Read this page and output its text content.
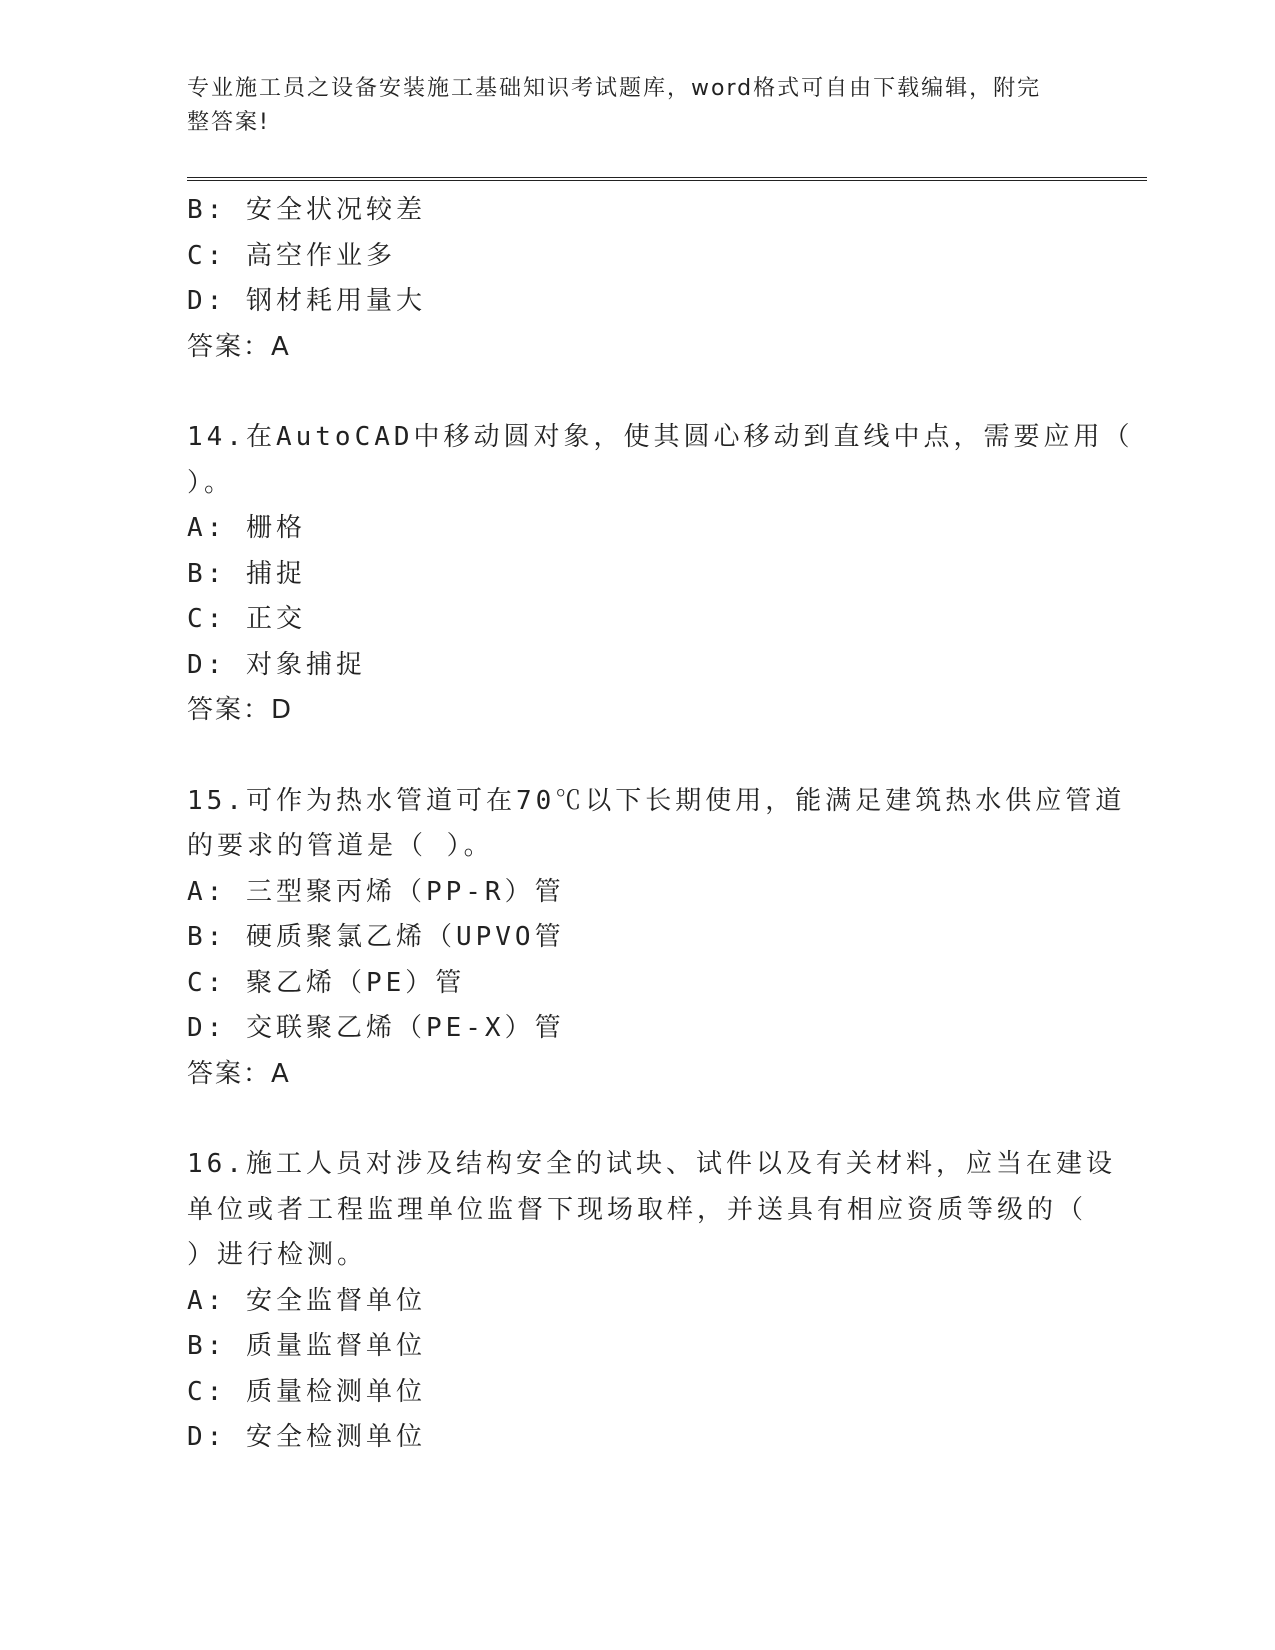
专业施工员之设备安装施工基础知识考试题库，word格式可自由下载编辑，附完
整答案!
B: 安全状况较差
C: 高空作业多
D: 钢材耗用量大
答案：A
14.在AutoCAD中移动圆对象，使其圆心移动到直线中点，需要应用（
）。
A: 栅格
B: 捕捉
C: 正交
D: 对象捕捉
答案：D
15.可作为热水管道可在70℃以下长期使用，能满足建筑热水供应管道
的要求的管道是（ ）。
A: 三型聚丙烯（PP-R）管
B: 硬质聚氯乙烯（UPVO管
C: 聚乙烯（PE）管
D: 交联聚乙烯（PE-X）管
答案：A
16.施工人员对涉及结构安全的试块、试件以及有关材料，应当在建设
单位或者工程监理单位监督下现场取样，并送具有相应资质等级的（
）进行检测。
A: 安全监督单位
B: 质量监督单位
C: 质量检测单位
D: 安全检测单位
